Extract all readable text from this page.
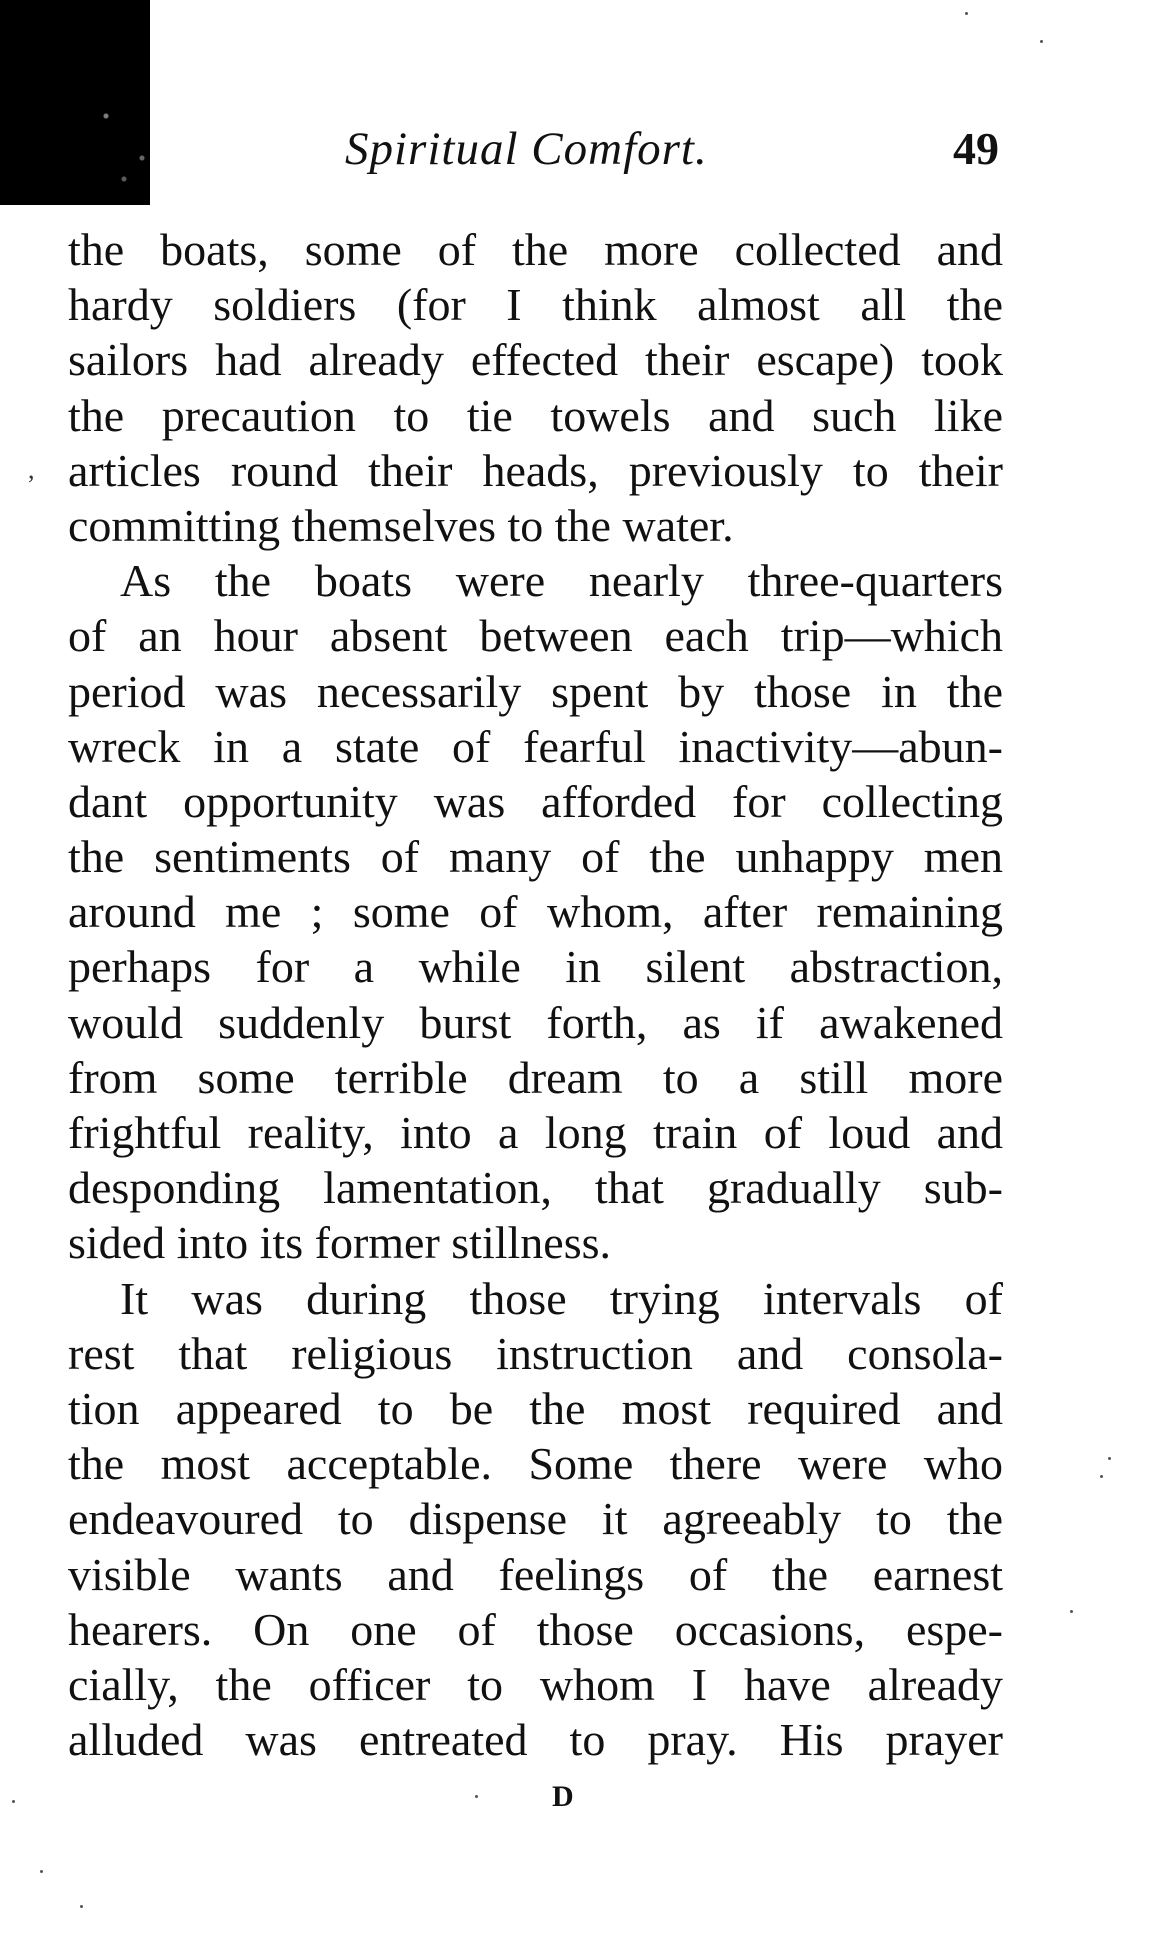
Spiritual Comfort.	49
the boats, some of the more collected and
hardy soldiers (for I think almost all the
sailors had already effected their escape) took
the precaution to tie towels and such like
articles round their heads, previously to their
committing themselves to the water.
As the boats were nearly three-quarters
of an hour absent between each trip—which
period was necessarily spent by those in the
wreck in a state of fearful inactivity—abun-
dant opportunity was afforded for collecting
the sentiments of many of the unhappy men
around me ; some of whom, after remaining
perhaps for a while in silent abstraction,
would suddenly burst forth, as if awakened
from some terrible dream to a still more
frightful reality, into a long train of loud and
desponding lamentation, that gradually sub-
sided into its former stillness.
It was during those trying intervals of
rest that religious instruction and consola-
tion appeared to be the most required and
the most acceptable. Some there were who
endeavoured to dispense it agreeably to the
visible wants and feelings of the earnest
hearers. On one of those occasions, espe-
cially, the officer to whom I have already
alluded was entreated to pray. His prayer
D
,
